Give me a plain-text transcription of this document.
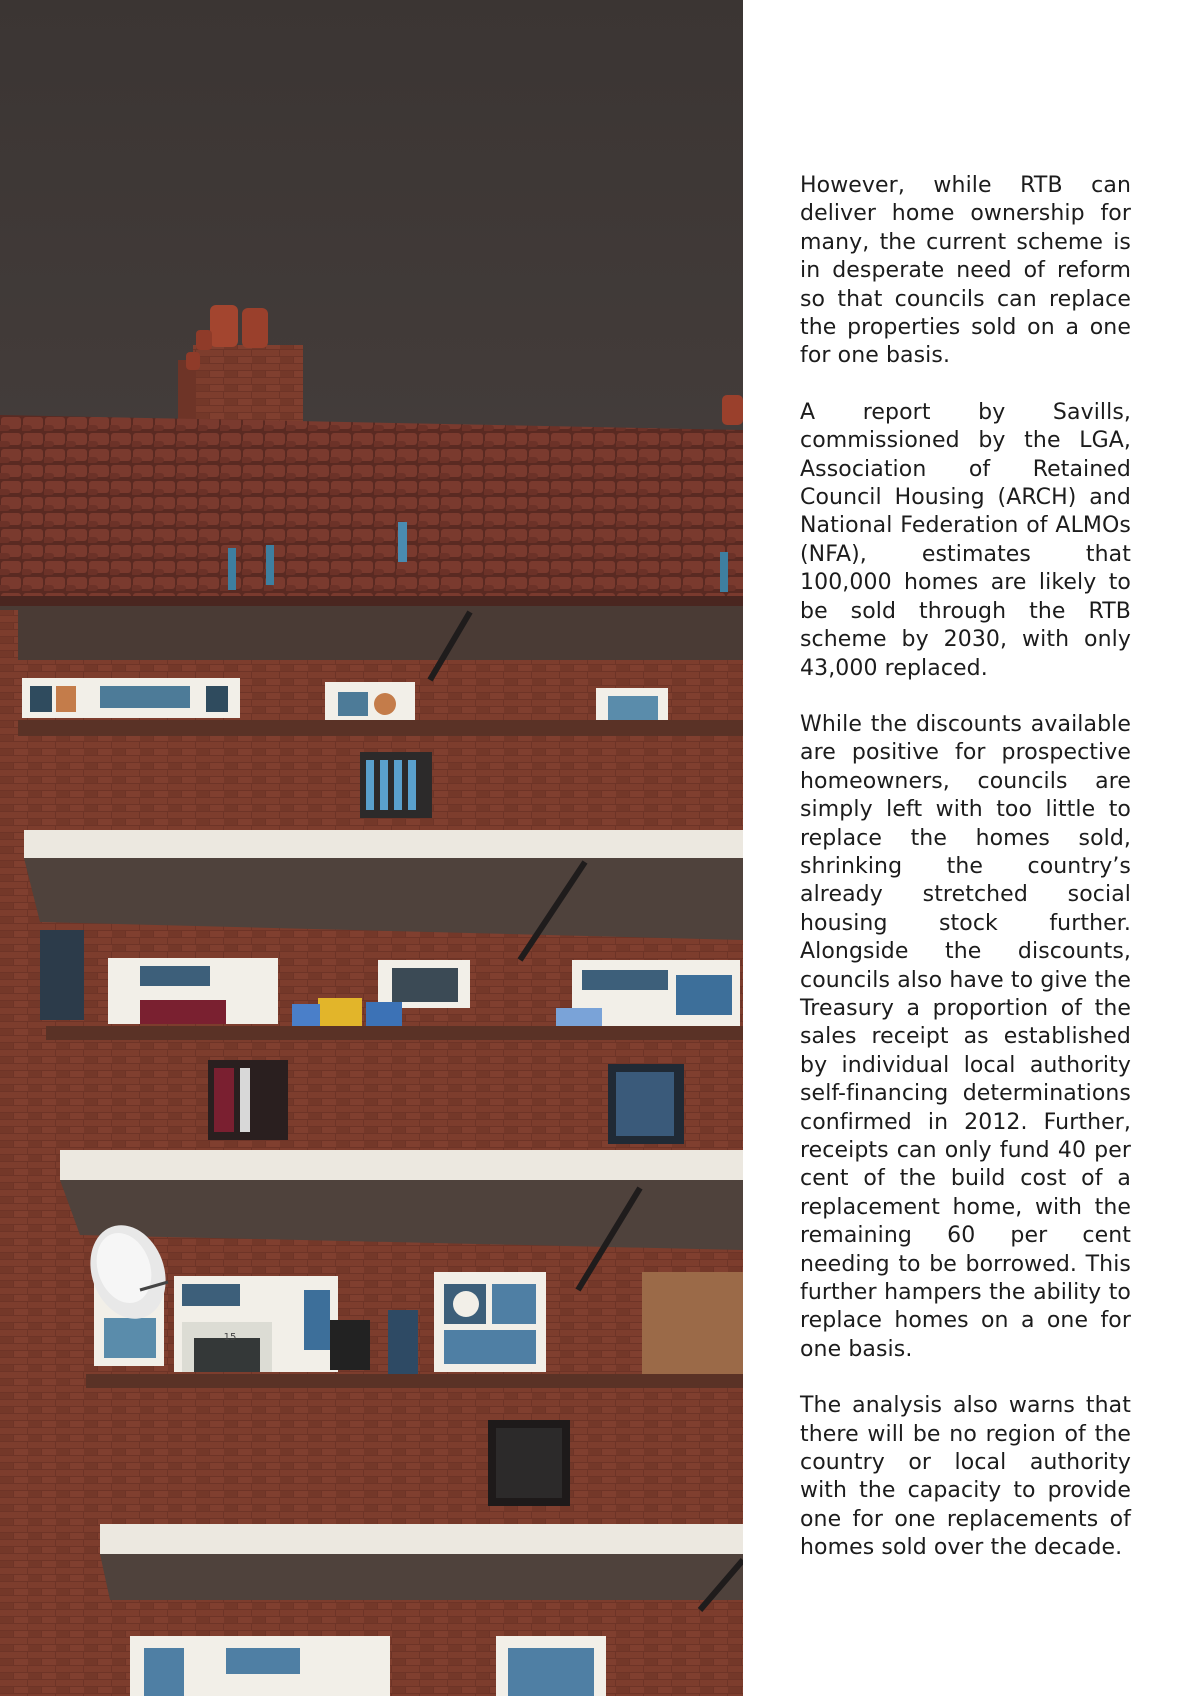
15

However, while RTB can deliver home ownership for many, the current scheme is in desperate need of reform so that councils can replace the properties sold on a one for one basis.

A report by Savills, commissioned by the LGA, Association of Retained Council Housing (ARCH) and National Federation of ALMOs (NFA), estimates that 100,000 homes are likely to be sold through the RTB scheme by 2030, with only 43,000 replaced.

While the discounts available are positive for prospective homeowners, councils are simply left with too little to replace the homes sold, shrinking the country’s already stretched social housing stock further. Alongside the discounts, councils also have to give the Treasury a proportion of the sales receipt as established by individual local authority self-financing determinations confirmed in 2012. Further, receipts can only fund 40 per cent of the build cost of a replacement home, with the remaining 60 per cent needing to be borrowed. This further hampers the ability to replace homes on a one for one basis.

The analysis also warns that there will be no region of the country or local authority with the capacity to provide one for one replacements of homes sold over the decade.
